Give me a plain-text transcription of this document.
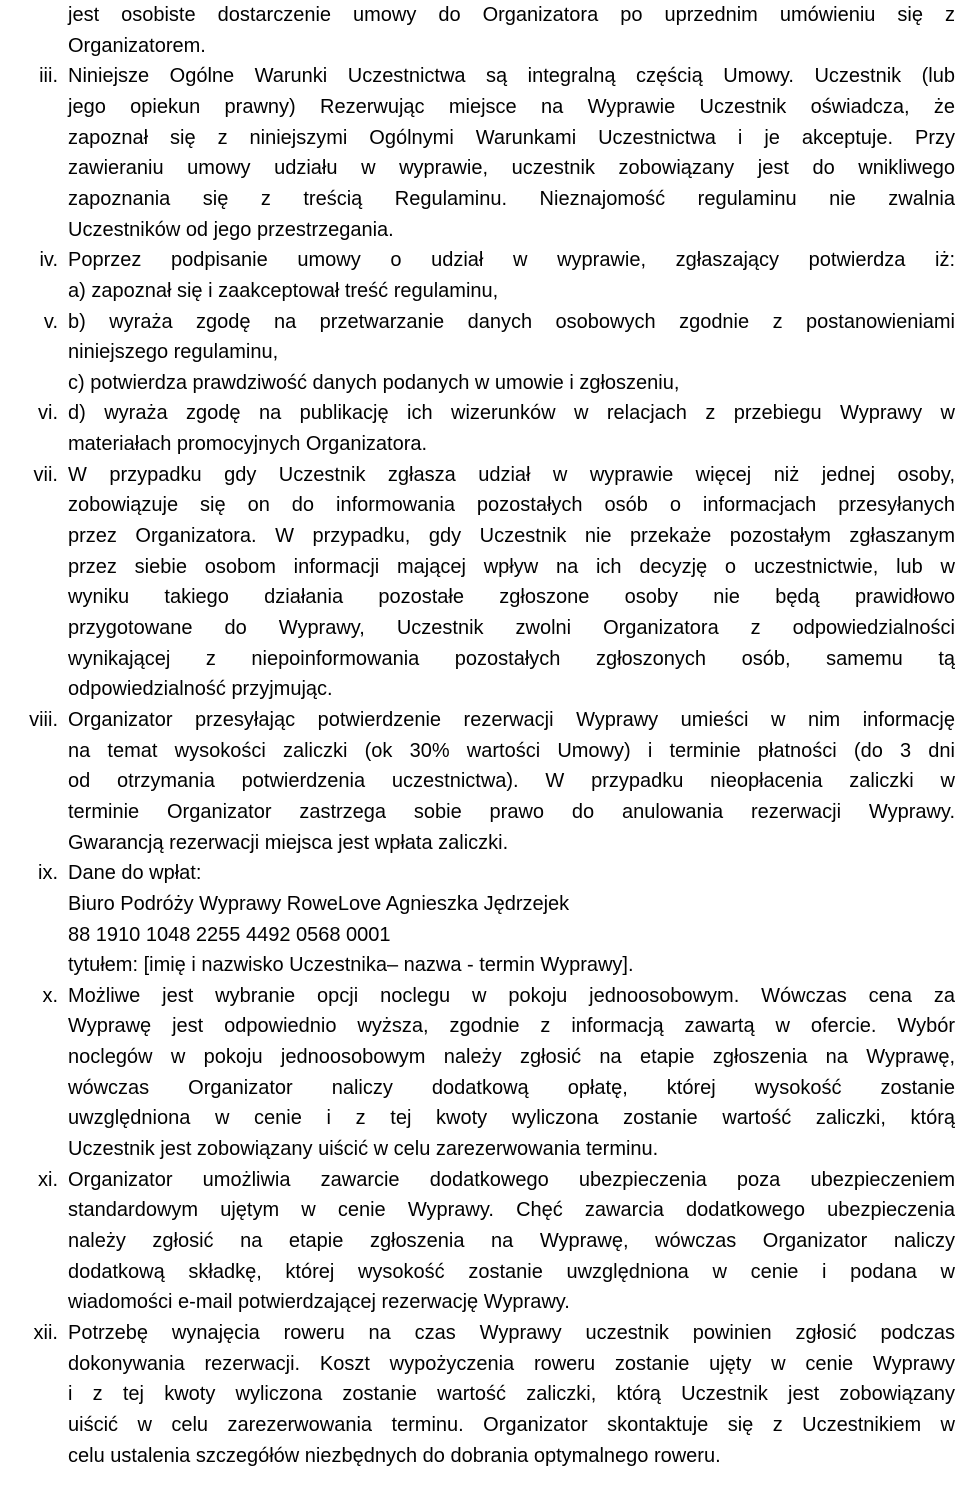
jest osobiste dostarczenie umowy do Organizatora po uprzednim umówieniu się z
Organizatorem.
iii. Niniejsze Ogólne Warunki Uczestnictwa są integralną częścią Umowy. Uczestnik (lub
jego opiekun prawny) Rezerwując miejsce na Wyprawie Uczestnik oświadcza, że
zapoznał się z niniejszymi Ogólnymi Warunkami Uczestnictwa i je akceptuje. Przy
zawieraniu umowy udziału w wyprawie, uczestnik zobowiązany jest do wnikliwego
zapoznania się z treścią Regulaminu. Nieznajomość regulaminu nie zwalnia
Uczestników od jego przestrzegania.
iv. Poprzez podpisanie umowy o udział w wyprawie, zgłaszający potwierdza iż:
a) zapoznał się i zaakceptował treść regulaminu,
v. b) wyraża zgodę na przetwarzanie danych osobowych zgodnie z postanowieniami
niniejszego regulaminu,
c) potwierdza prawdziwość danych podanych w umowie i zgłoszeniu,
vi. d) wyraża zgodę na publikację ich wizerunków w relacjach z przebiegu Wyprawy w
materiałach promocyjnych Organizatora.
vii. W przypadku gdy Uczestnik zgłasza udział w wyprawie więcej niż jednej osoby,
zobowiązuje się on do informowania pozostałych osób o informacjach przesyłanych
przez Organizatora. W przypadku, gdy Uczestnik nie przekaże pozostałym zgłaszanym
przez siebie osobom informacji mającej wpływ na ich decyzję o uczestnictwie, lub w
wyniku takiego działania pozostałe zgłoszone osoby nie będą prawidłowo
przygotowane do Wyprawy, Uczestnik zwolni Organizatora z odpowiedzialności
wynikającej z niepoinformowania pozostałych zgłoszonych osób, samemu tą
odpowiedzialność przyjmując.
viii. Organizator przesyłając potwierdzenie rezerwacji Wyprawy umieści w nim informację
na temat wysokości zaliczki (ok 30% wartości Umowy) i terminie płatności (do 3 dni
od otrzymania potwierdzenia uczestnictwa). W przypadku nieopłacenia zaliczki w
terminie Organizator zastrzega sobie prawo do anulowania rezerwacji Wyprawy.
Gwarancją rezerwacji miejsca jest wpłata zaliczki.
ix. Dane do wpłat:
Biuro Podróży Wyprawy RoweLove Agnieszka Jędrzejek
88 1910 1048 2255 4492 0568 0001
tytułem: [imię i nazwisko Uczestnika– nazwa - termin Wyprawy].
x. Możliwe jest wybranie opcji noclegu w pokoju jednoosobowym. Wówczas cena za
Wyprawę jest odpowiednio wyższa, zgodnie z informacją zawartą w ofercie. Wybór
noclegów w pokoju jednoosobowym należy zgłosić na etapie zgłoszenia na Wyprawę,
wówczas Organizator naliczy dodatkową opłatę, której wysokość zostanie
uwzględniona w cenie i z tej kwoty wyliczona zostanie wartość zaliczki, którą
Uczestnik jest zobowiązany uiścić w celu zarezerwowania terminu.
xi. Organizator umożliwia zawarcie dodatkowego ubezpieczenia poza ubezpieczeniem
standardowym ujętym w cenie Wyprawy. Chęć zawarcia dodatkowego ubezpieczenia
należy zgłosić na etapie zgłoszenia na Wyprawę, wówczas Organizator naliczy
dodatkową składkę, której wysokość zostanie uwzględniona w cenie i podana w
wiadomości e-mail potwierdzającej rezerwację Wyprawy.
xii. Potrzebę wynajęcia roweru na czas Wyprawy uczestnik powinien zgłosić podczas
dokonywania rezerwacji. Koszt wypożyczenia roweru zostanie ujęty w cenie Wyprawy
i z tej kwoty wyliczona zostanie wartość zaliczki, którą Uczestnik jest zobowiązany
uiścić w celu zarezerwowania terminu. Organizator skontaktuje się z Uczestnikiem w
celu ustalenia szczegółów niezbędnych do dobrania optymalnego roweru.
